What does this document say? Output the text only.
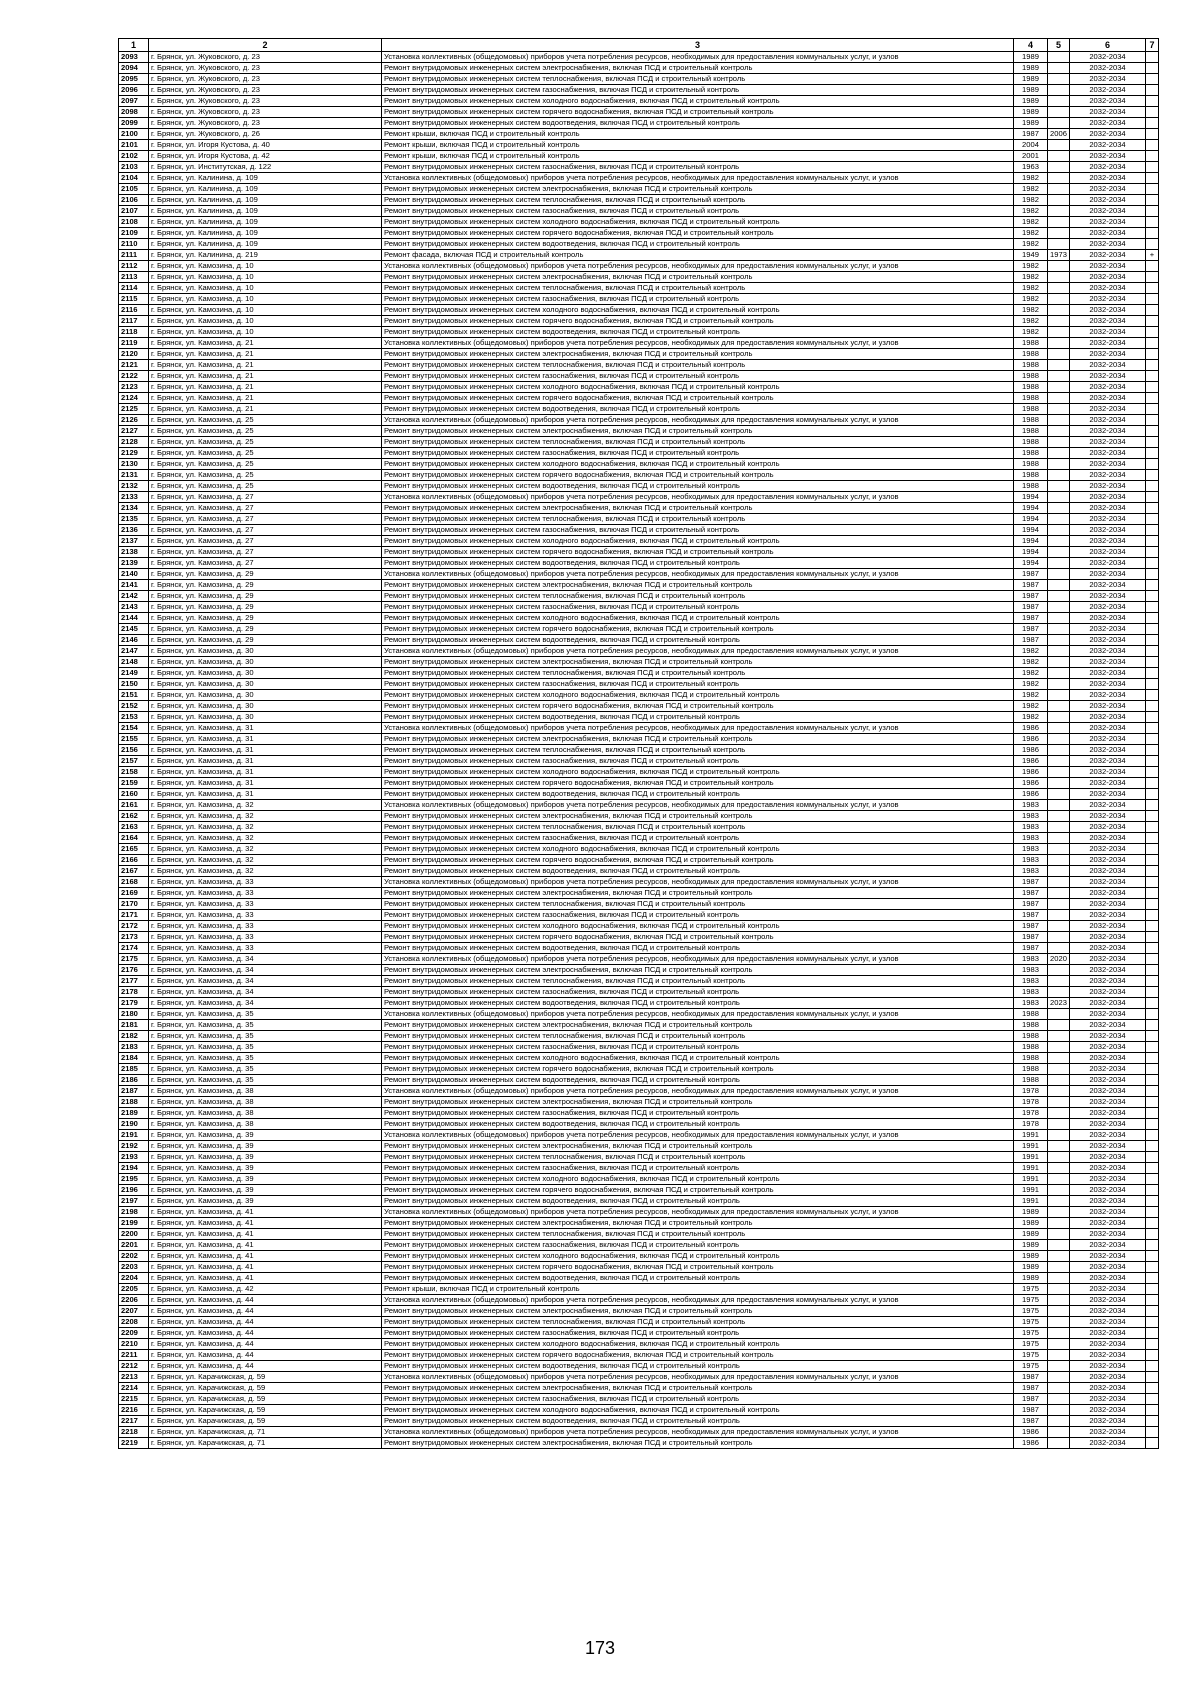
1	2	3	4	5	6	7
2093	г. Брянск, ул. Жуковского, д. 23	Установка коллективных (общедомовых) приборов учета потребления ресурсов, необходимых для предоставления коммунальных услуг, и узлов	1989		2032-2034	
2094	г. Брянск, ул. Жуковского, д. 23	Ремонт внутридомовых инженерных систем электроснабжения, включая ПСД и строительный контроль	1989		2032-2034	
2095	г. Брянск, ул. Жуковского, д. 23	Ремонт внутридомовых инженерных систем теплоснабжения, включая ПСД и строительный контроль	1989		2032-2034	
2096	г. Брянск, ул. Жуковского, д. 23	Ремонт внутридомовых инженерных систем газоснабжения, включая ПСД и строительный контроль	1989		2032-2034	
2097	г. Брянск, ул. Жуковского, д. 23	Ремонт внутридомовых инженерных систем холодного водоснабжения, включая ПСД и строительный контроль	1989		2032-2034	
2098	г. Брянск, ул. Жуковского, д. 23	Ремонт внутридомовых инженерных систем горячего водоснабжения, включая ПСД и строительный контроль	1989		2032-2034	
2099	г. Брянск, ул. Жуковского, д. 23	Ремонт внутридомовых инженерных систем водоотведения, включая ПСД и строительный контроль	1989		2032-2034	
2100	г. Брянск, ул. Жуковского, д. 26	Ремонт крыши, включая ПСД и строительный контроль	1987	2006	2032-2034	
2101	г. Брянск, ул. Игоря Кустова, д. 40	Ремонт крыши, включая ПСД и строительный контроль	2004		2032-2034	
2102	г. Брянск, ул. Игоря Кустова, д. 42	Ремонт крыши, включая ПСД и строительный контроль	2001		2032-2034	
2103	г. Брянск, ул. Институтская, д. 122	Ремонт внутридомовых инженерных систем газоснабжения, включая ПСД и строительный контроль	1963		2032-2034	
2104	г. Брянск, ул. Калинина, д. 109	Установка коллективных (общедомовых) приборов учета потребления ресурсов, необходимых для предоставления коммунальных услуг, и узлов	1982		2032-2034	
2105	г. Брянск, ул. Калинина, д. 109	Ремонт внутридомовых инженерных систем электроснабжения, включая ПСД и строительный контроль	1982		2032-2034	
2106	г. Брянск, ул. Калинина, д. 109	Ремонт внутридомовых инженерных систем теплоснабжения, включая ПСД и строительный контроль	1982		2032-2034	
2107	г. Брянск, ул. Калинина, д. 109	Ремонт внутридомовых инженерных систем газоснабжения, включая ПСД и строительный контроль	1982		2032-2034	
2108	г. Брянск, ул. Калинина, д. 109	Ремонт внутридомовых инженерных систем холодного водоснабжения, включая ПСД и строительный контроль	1982		2032-2034	
2109	г. Брянск, ул. Калинина, д. 109	Ремонт внутридомовых инженерных систем горячего водоснабжения, включая ПСД и строительный контроль	1982		2032-2034	
2110	г. Брянск, ул. Калинина, д. 109	Ремонт внутридомовых инженерных систем водоотведения, включая ПСД и строительный контроль	1982		2032-2034	
2111	г. Брянск, ул. Калинина, д. 219	Ремонт фасада, включая ПСД и строительный контроль	1949	1973	2032-2034	+
2112	г. Брянск, ул. Камозина, д. 10	Установка коллективных (общедомовых) приборов учета потребления ресурсов, необходимых для предоставления коммунальных услуг, и узлов	1982		2032-2034	
2113	г. Брянск, ул. Камозина, д. 10	Ремонт внутридомовых инженерных систем электроснабжения, включая ПСД и строительный контроль	1982		2032-2034	
2114	г. Брянск, ул. Камозина, д. 10	Ремонт внутридомовых инженерных систем теплоснабжения, включая ПСД и строительный контроль	1982		2032-2034	
2115	г. Брянск, ул. Камозина, д. 10	Ремонт внутридомовых инженерных систем газоснабжения, включая ПСД и строительный контроль	1982		2032-2034	
2116	г. Брянск, ул. Камозина, д. 10	Ремонт внутридомовых инженерных систем холодного водоснабжения, включая ПСД и строительный контроль	1982		2032-2034	
2117	г. Брянск, ул. Камозина, д. 10	Ремонт внутридомовых инженерных систем горячего водоснабжения, включая ПСД и строительный контроль	1982		2032-2034	
2118	г. Брянск, ул. Камозина, д. 10	Ремонт внутридомовых инженерных систем водоотведения, включая ПСД и строительный контроль	1982		2032-2034	
2119	г. Брянск, ул. Камозина, д. 21	Установка коллективных (общедомовых) приборов учета потребления ресурсов, необходимых для предоставления коммунальных услуг, и узлов	1988		2032-2034	
2120	г. Брянск, ул. Камозина, д. 21	Ремонт внутридомовых инженерных систем электроснабжения, включая ПСД и строительный контроль	1988		2032-2034	
2121	г. Брянск, ул. Камозина, д. 21	Ремонт внутридомовых инженерных систем теплоснабжения, включая ПСД и строительный контроль	1988		2032-2034	
2122	г. Брянск, ул. Камозина, д. 21	Ремонт внутридомовых инженерных систем газоснабжения, включая ПСД и строительный контроль	1988		2032-2034	
2123	г. Брянск, ул. Камозина, д. 21	Ремонт внутридомовых инженерных систем холодного водоснабжения, включая ПСД и строительный контроль	1988		2032-2034	
2124	г. Брянск, ул. Камозина, д. 21	Ремонт внутридомовых инженерных систем горячего водоснабжения, включая ПСД и строительный контроль	1988		2032-2034	
2125	г. Брянск, ул. Камозина, д. 21	Ремонт внутридомовых инженерных систем водоотведения, включая ПСД и строительный контроль	1988		2032-2034	
2126	г. Брянск, ул. Камозина, д. 25	Установка коллективных (общедомовых) приборов учета потребления ресурсов, необходимых для предоставления коммунальных услуг, и узлов	1988		2032-2034	
2127	г. Брянск, ул. Камозина, д. 25	Ремонт внутридомовых инженерных систем электроснабжения, включая ПСД и строительный контроль	1988		2032-2034	
2128	г. Брянск, ул. Камозина, д. 25	Ремонт внутридомовых инженерных систем теплоснабжения, включая ПСД и строительный контроль	1988		2032-2034	
2129	г. Брянск, ул. Камозина, д. 25	Ремонт внутридомовых инженерных систем газоснабжения, включая ПСД и строительный контроль	1988		2032-2034	
2130	г. Брянск, ул. Камозина, д. 25	Ремонт внутридомовых инженерных систем холодного водоснабжения, включая ПСД и строительный контроль	1988		2032-2034	
2131	г. Брянск, ул. Камозина, д. 25	Ремонт внутридомовых инженерных систем горячего водоснабжения, включая ПСД и строительный контроль	1988		2032-2034	
2132	г. Брянск, ул. Камозина, д. 25	Ремонт внутридомовых инженерных систем водоотведения, включая ПСД и строительный контроль	1988		2032-2034	
2133	г. Брянск, ул. Камозина, д. 27	Установка коллективных (общедомовых) приборов учета потребления ресурсов, необходимых для предоставления коммунальных услуг, и узлов	1994		2032-2034	
2134	г. Брянск, ул. Камозина, д. 27	Ремонт внутридомовых инженерных систем электроснабжения, включая ПСД и строительный контроль	1994		2032-2034	
2135	г. Брянск, ул. Камозина, д. 27	Ремонт внутридомовых инженерных систем теплоснабжения, включая ПСД и строительный контроль	1994		2032-2034	
2136	г. Брянск, ул. Камозина, д. 27	Ремонт внутридомовых инженерных систем газоснабжения, включая ПСД и строительный контроль	1994		2032-2034	
2137	г. Брянск, ул. Камозина, д. 27	Ремонт внутридомовых инженерных систем холодного водоснабжения, включая ПСД и строительный контроль	1994		2032-2034	
2138	г. Брянск, ул. Камозина, д. 27	Ремонт внутридомовых инженерных систем горячего водоснабжения, включая ПСД и строительный контроль	1994		2032-2034	
2139	г. Брянск, ул. Камозина, д. 27	Ремонт внутридомовых инженерных систем водоотведения, включая ПСД и строительный контроль	1994		2032-2034	
2140	г. Брянск, ул. Камозина, д. 29	Установка коллективных (общедомовых) приборов учета потребления ресурсов, необходимых для предоставления коммунальных услуг, и узлов	1987		2032-2034	
2141	г. Брянск, ул. Камозина, д. 29	Ремонт внутридомовых инженерных систем электроснабжения, включая ПСД и строительный контроль	1987		2032-2034	
2142	г. Брянск, ул. Камозина, д. 29	Ремонт внутридомовых инженерных систем теплоснабжения, включая ПСД и строительный контроль	1987		2032-2034	
2143	г. Брянск, ул. Камозина, д. 29	Ремонт внутридомовых инженерных систем газоснабжения, включая ПСД и строительный контроль	1987		2032-2034	
2144	г. Брянск, ул. Камозина, д. 29	Ремонт внутридомовых инженерных систем холодного водоснабжения, включая ПСД и строительный контроль	1987		2032-2034	
2145	г. Брянск, ул. Камозина, д. 29	Ремонт внутридомовых инженерных систем горячего водоснабжения, включая ПСД и строительный контроль	1987		2032-2034	
2146	г. Брянск, ул. Камозина, д. 29	Ремонт внутридомовых инженерных систем водоотведения, включая ПСД и строительный контроль	1987		2032-2034	
2147	г. Брянск, ул. Камозина, д. 30	Установка коллективных (общедомовых) приборов учета потребления ресурсов, необходимых для предоставления коммунальных услуг, и узлов	1982		2032-2034	
2148	г. Брянск, ул. Камозина, д. 30	Ремонт внутридомовых инженерных систем электроснабжения, включая ПСД и строительный контроль	1982		2032-2034	
2149	г. Брянск, ул. Камозина, д. 30	Ремонт внутридомовых инженерных систем теплоснабжения, включая ПСД и строительный контроль	1982		2032-2034	
2150	г. Брянск, ул. Камозина, д. 30	Ремонт внутридомовых инженерных систем газоснабжения, включая ПСД и строительный контроль	1982		2032-2034	
2151	г. Брянск, ул. Камозина, д. 30	Ремонт внутридомовых инженерных систем холодного водоснабжения, включая ПСД и строительный контроль	1982		2032-2034	
2152	г. Брянск, ул. Камозина, д. 30	Ремонт внутридомовых инженерных систем горячего водоснабжения, включая ПСД и строительный контроль	1982		2032-2034	
2153	г. Брянск, ул. Камозина, д. 30	Ремонт внутридомовых инженерных систем водоотведения, включая ПСД и строительный контроль	1982		2032-2034	
2154	г. Брянск, ул. Камозина, д. 31	Установка коллективных (общедомовых) приборов учета потребления ресурсов, необходимых для предоставления коммунальных услуг, и узлов	1986		2032-2034	
2155	г. Брянск, ул. Камозина, д. 31	Ремонт внутридомовых инженерных систем электроснабжения, включая ПСД и строительный контроль	1986		2032-2034	
2156	г. Брянск, ул. Камозина, д. 31	Ремонт внутридомовых инженерных систем теплоснабжения, включая ПСД и строительный контроль	1986		2032-2034	
2157	г. Брянск, ул. Камозина, д. 31	Ремонт внутридомовых инженерных систем газоснабжения, включая ПСД и строительный контроль	1986		2032-2034	
2158	г. Брянск, ул. Камозина, д. 31	Ремонт внутридомовых инженерных систем холодного водоснабжения, включая ПСД и строительный контроль	1986		2032-2034	
2159	г. Брянск, ул. Камозина, д. 31	Ремонт внутридомовых инженерных систем горячего водоснабжения, включая ПСД и строительный контроль	1986		2032-2034	
2160	г. Брянск, ул. Камозина, д. 31	Ремонт внутридомовых инженерных систем водоотведения, включая ПСД и строительный контроль	1986		2032-2034	
2161	г. Брянск, ул. Камозина, д. 32	Установка коллективных (общедомовых) приборов учета потребления ресурсов, необходимых для предоставления коммунальных услуг, и узлов	1983		2032-2034	
2162	г. Брянск, ул. Камозина, д. 32	Ремонт внутридомовых инженерных систем электроснабжения, включая ПСД и строительный контроль	1983		2032-2034	
2163	г. Брянск, ул. Камозина, д. 32	Ремонт внутридомовых инженерных систем теплоснабжения, включая ПСД и строительный контроль	1983		2032-2034	
2164	г. Брянск, ул. Камозина, д. 32	Ремонт внутридомовых инженерных систем газоснабжения, включая ПСД и строительный контроль	1983		2032-2034	
2165	г. Брянск, ул. Камозина, д. 32	Ремонт внутридомовых инженерных систем холодного водоснабжения, включая ПСД и строительный контроль	1983		2032-2034	
2166	г. Брянск, ул. Камозина, д. 32	Ремонт внутридомовых инженерных систем горячего водоснабжения, включая ПСД и строительный контроль	1983		2032-2034	
2167	г. Брянск, ул. Камозина, д. 32	Ремонт внутридомовых инженерных систем водоотведения, включая ПСД и строительный контроль	1983		2032-2034	
2168	г. Брянск, ул. Камозина, д. 33	Установка коллективных (общедомовых) приборов учета потребления ресурсов, необходимых для предоставления коммунальных услуг, и узлов	1987		2032-2034	
2169	г. Брянск, ул. Камозина, д. 33	Ремонт внутридомовых инженерных систем электроснабжения, включая ПСД и строительный контроль	1987		2032-2034	
2170	г. Брянск, ул. Камозина, д. 33	Ремонт внутридомовых инженерных систем теплоснабжения, включая ПСД и строительный контроль	1987		2032-2034	
2171	г. Брянск, ул. Камозина, д. 33	Ремонт внутридомовых инженерных систем газоснабжения, включая ПСД и строительный контроль	1987		2032-2034	
2172	г. Брянск, ул. Камозина, д. 33	Ремонт внутридомовых инженерных систем холодного водоснабжения, включая ПСД и строительный контроль	1987		2032-2034	
2173	г. Брянск, ул. Камозина, д. 33	Ремонт внутридомовых инженерных систем горячего водоснабжения, включая ПСД и строительный контроль	1987		2032-2034	
2174	г. Брянск, ул. Камозина, д. 33	Ремонт внутридомовых инженерных систем водоотведения, включая ПСД и строительный контроль	1987		2032-2034	
2175	г. Брянск, ул. Камозина, д. 34	Установка коллективных (общедомовых) приборов учета потребления ресурсов, необходимых для предоставления коммунальных услуг, и узлов	1983	2020	2032-2034	
2176	г. Брянск, ул. Камозина, д. 34	Ремонт внутридомовых инженерных систем электроснабжения, включая ПСД и строительный контроль	1983		2032-2034	
2177	г. Брянск, ул. Камозина, д. 34	Ремонт внутридомовых инженерных систем теплоснабжения, включая ПСД и строительный контроль	1983		2032-2034	
2178	г. Брянск, ул. Камозина, д. 34	Ремонт внутридомовых инженерных систем газоснабжения, включая ПСД и строительный контроль	1983		2032-2034	
2179	г. Брянск, ул. Камозина, д. 34	Ремонт внутридомовых инженерных систем водоотведения, включая ПСД и строительный контроль	1983	2023	2032-2034	
2180	г. Брянск, ул. Камозина, д. 35	Установка коллективных (общедомовых) приборов учета потребления ресурсов, необходимых для предоставления коммунальных услуг, и узлов	1988		2032-2034	
2181	г. Брянск, ул. Камозина, д. 35	Ремонт внутридомовых инженерных систем электроснабжения, включая ПСД и строительный контроль	1988		2032-2034	
2182	г. Брянск, ул. Камозина, д. 35	Ремонт внутридомовых инженерных систем теплоснабжения, включая ПСД и строительный контроль	1988		2032-2034	
2183	г. Брянск, ул. Камозина, д. 35	Ремонт внутридомовых инженерных систем газоснабжения, включая ПСД и строительный контроль	1988		2032-2034	
2184	г. Брянск, ул. Камозина, д. 35	Ремонт внутридомовых инженерных систем холодного водоснабжения, включая ПСД и строительный контроль	1988		2032-2034	
2185	г. Брянск, ул. Камозина, д. 35	Ремонт внутридомовых инженерных систем горячего водоснабжения, включая ПСД и строительный контроль	1988		2032-2034	
2186	г. Брянск, ул. Камозина, д. 35	Ремонт внутридомовых инженерных систем водоотведения, включая ПСД и строительный контроль	1988		2032-2034	
2187	г. Брянск, ул. Камозина, д. 38	Установка коллективных (общедомовых) приборов учета потребления ресурсов, необходимых для предоставления коммунальных услуг, и узлов	1978		2032-2034	
2188	г. Брянск, ул. Камозина, д. 38	Ремонт внутридомовых инженерных систем электроснабжения, включая ПСД и строительный контроль	1978		2032-2034	
2189	г. Брянск, ул. Камозина, д. 38	Ремонт внутридомовых инженерных систем газоснабжения, включая ПСД и строительный контроль	1978		2032-2034	
2190	г. Брянск, ул. Камозина, д. 38	Ремонт внутридомовых инженерных систем водоотведения, включая ПСД и строительный контроль	1978		2032-2034	
2191	г. Брянск, ул. Камозина, д. 39	Установка коллективных (общедомовых) приборов учета потребления ресурсов, необходимых для предоставления коммунальных услуг, и узлов	1991		2032-2034	
2192	г. Брянск, ул. Камозина, д. 39	Ремонт внутридомовых инженерных систем электроснабжения, включая ПСД и строительный контроль	1991		2032-2034	
2193	г. Брянск, ул. Камозина, д. 39	Ремонт внутридомовых инженерных систем теплоснабжения, включая ПСД и строительный контроль	1991		2032-2034	
2194	г. Брянск, ул. Камозина, д. 39	Ремонт внутридомовых инженерных систем газоснабжения, включая ПСД и строительный контроль	1991		2032-2034	
2195	г. Брянск, ул. Камозина, д. 39	Ремонт внутридомовых инженерных систем холодного водоснабжения, включая ПСД и строительный контроль	1991		2032-2034	
2196	г. Брянск, ул. Камозина, д. 39	Ремонт внутридомовых инженерных систем горячего водоснабжения, включая ПСД и строительный контроль	1991		2032-2034	
2197	г. Брянск, ул. Камозина, д. 39	Ремонт внутридомовых инженерных систем водоотведения, включая ПСД и строительный контроль	1991		2032-2034	
2198	г. Брянск, ул. Камозина, д. 41	Установка коллективных (общедомовых) приборов учета потребления ресурсов, необходимых для предоставления коммунальных услуг, и узлов	1989		2032-2034	
2199	г. Брянск, ул. Камозина, д. 41	Ремонт внутридомовых инженерных систем электроснабжения, включая ПСД и строительный контроль	1989		2032-2034	
2200	г. Брянск, ул. Камозина, д. 41	Ремонт внутридомовых инженерных систем теплоснабжения, включая ПСД и строительный контроль	1989		2032-2034	
2201	г. Брянск, ул. Камозина, д. 41	Ремонт внутридомовых инженерных систем газоснабжения, включая ПСД и строительный контроль	1989		2032-2034	
2202	г. Брянск, ул. Камозина, д. 41	Ремонт внутридомовых инженерных систем холодного водоснабжения, включая ПСД и строительный контроль	1989		2032-2034	
2203	г. Брянск, ул. Камозина, д. 41	Ремонт внутридомовых инженерных систем горячего водоснабжения, включая ПСД и строительный контроль	1989		2032-2034	
2204	г. Брянск, ул. Камозина, д. 41	Ремонт внутридомовых инженерных систем водоотведения, включая ПСД и строительный контроль	1989		2032-2034	
2205	г. Брянск, ул. Камозина, д. 42	Ремонт крыши, включая ПСД и строительный контроль	1975		2032-2034	
2206	г. Брянск, ул. Камозина, д. 44	Установка коллективных (общедомовых) приборов учета потребления ресурсов, необходимых для предоставления коммунальных услуг, и узлов	1975		2032-2034	
2207	г. Брянск, ул. Камозина, д. 44	Ремонт внутридомовых инженерных систем электроснабжения, включая ПСД и строительный контроль	1975		2032-2034	
2208	г. Брянск, ул. Камозина, д. 44	Ремонт внутридомовых инженерных систем теплоснабжения, включая ПСД и строительный контроль	1975		2032-2034	
2209	г. Брянск, ул. Камозина, д. 44	Ремонт внутридомовых инженерных систем газоснабжения, включая ПСД и строительный контроль	1975		2032-2034	
2210	г. Брянск, ул. Камозина, д. 44	Ремонт внутридомовых инженерных систем холодного водоснабжения, включая ПСД и строительный контроль	1975		2032-2034	
2211	г. Брянск, ул. Камозина, д. 44	Ремонт внутридомовых инженерных систем горячего водоснабжения, включая ПСД и строительный контроль	1975		2032-2034	
2212	г. Брянск, ул. Камозина, д. 44	Ремонт внутридомовых инженерных систем водоотведения, включая ПСД и строительный контроль	1975		2032-2034	
2213	г. Брянск, ул. Карачижская, д. 59	Установка коллективных (общедомовых) приборов учета потребления ресурсов, необходимых для предоставления коммунальных услуг, и узлов	1987		2032-2034	
2214	г. Брянск, ул. Карачижская, д. 59	Ремонт внутридомовых инженерных систем электроснабжения, включая ПСД и строительный контроль	1987		2032-2034	
2215	г. Брянск, ул. Карачижская, д. 59	Ремонт внутридомовых инженерных систем газоснабжения, включая ПСД и строительный контроль	1987		2032-2034	
2216	г. Брянск, ул. Карачижская, д. 59	Ремонт внутридомовых инженерных систем холодного водоснабжения, включая ПСД и строительный контроль	1987		2032-2034	
2217	г. Брянск, ул. Карачижская, д. 59	Ремонт внутридомовых инженерных систем водоотведения, включая ПСД и строительный контроль	1987		2032-2034	
2218	г. Брянск, ул. Карачижская, д. 71	Установка коллективных (общедомовых) приборов учета потребления ресурсов, необходимых для предоставления коммунальных услуг, и узлов	1986		2032-2034	
2219	г. Брянск, ул. Карачижская, д. 71	Ремонт внутридомовых инженерных систем электроснабжения, включая ПСД и строительный контроль	1986		2032-2034	
173
